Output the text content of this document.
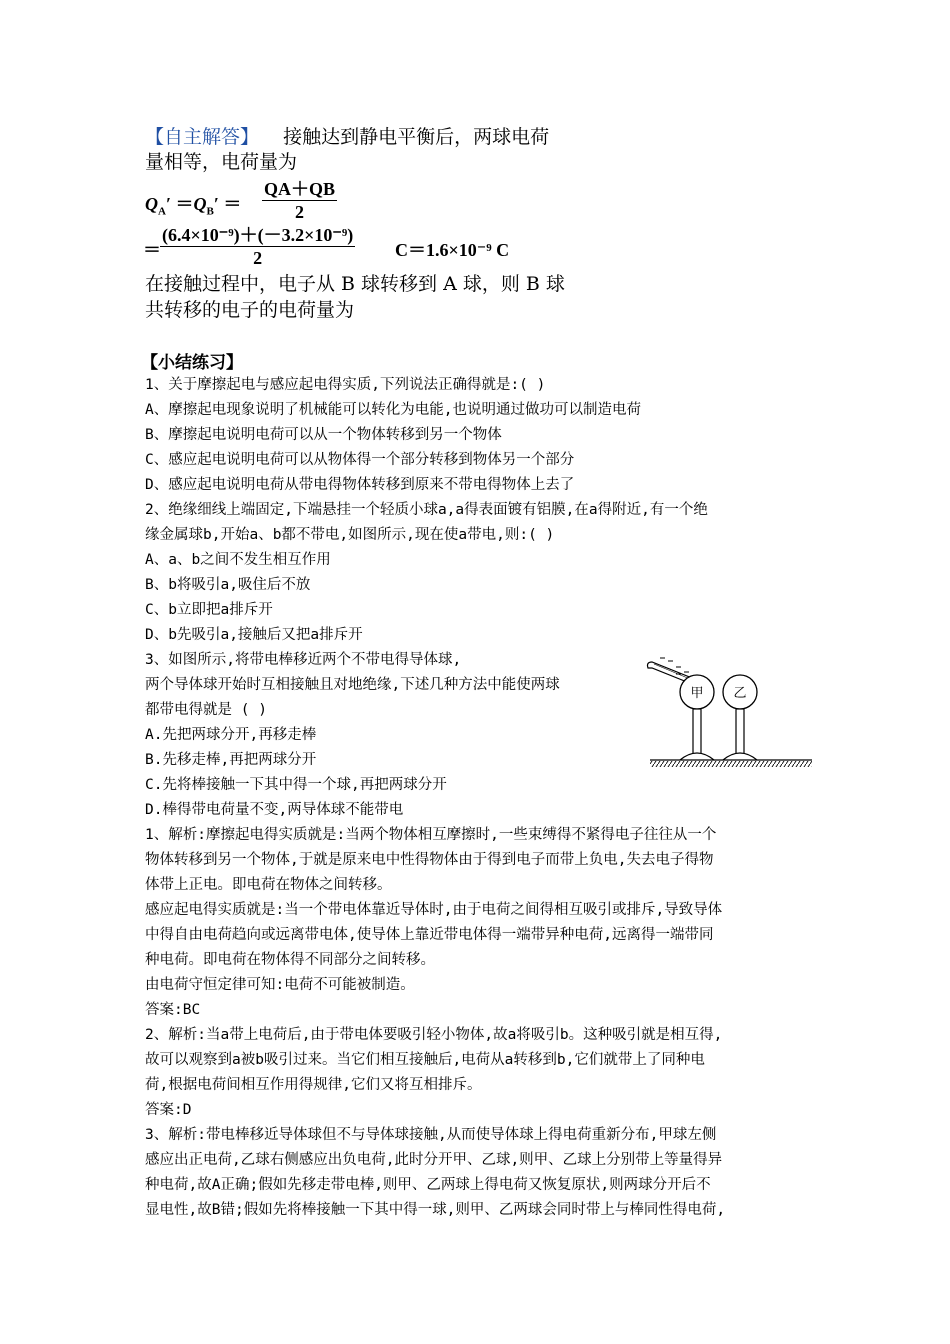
【自主解答】 接触达到静电平衡后，两球电荷
量相等，电荷量为
$Q_A' =Q_B' = \frac{QA+QB}{2}$
＝ $\frac{\text{(6.4×10⁻⁹)＋(－3.2×10⁻⁹)}}{2} C=1.6\times 10^{-9}$ C
在接触过程中，电子从 B 球转移到 A 球，则 B 球
共转移的电子的电荷量为
【小结练习】
1、关于摩擦起电与感应起电得实质,下列说法正确得就是:( )
A、摩擦起电现象说明了机械能可以转化为电能,也说明通过做功可以制造电荷
B、摩擦起电说明电荷可以从一个物体转移到另一个物体
C、感应起电说明电荷可以从物体得一个部分转移到物体另一个部分
D、感应起电说明电荷从带电得物体转移到原来不带电得物体上去了
2、绝缘细线上端固定,下端悬挂一个轻质小球a,a得表面镀有铝膜,在a得附近,有一个绝
缘金属球b,开始a、b都不带电,如图所示,现在使a带电,则:( )
A、a、b之间不发生相互作用
B、b将吸引a,吸住后不放
C、b立即把a排斥开
D、b先吸引a,接触后又把a排斥开
3、如图所示,将带电棒移近两个不带电得导体球,
两个导体球开始时互相接触且对地绝缘,下述几种方法中能使两球
都带电得就是 ( )
A.先把两球分开,再移走棒
B.先移走棒,再把两球分开
C.先将棒接触一下其中得一个球,再把两球分开
D.棒得带电荷量不变,两导体球不能带电
1、解析:摩擦起电得实质就是:当两个物体相互摩擦时,一些束缚得不紧得电子往往从一个
物体转移到另一个物体,于就是原来电中性得物体由于得到电子而带上负电,失去电子得物
体带上正电。即电荷在物体之间转移。
感应起电得实质就是:当一个带电体靠近导体时,由于电荷之间得相互吸引或排斥,导致导体
中得自由电荷趋向或远离带电体,使导体上靠近带电体得一端带异种电荷,远离得一端带同
种电荷。即电荷在物体得不同部分之间转移。
由电荷守恒定律可知:电荷不可能被制造。
答案:BC
2、解析:当a带上电荷后,由于带电体要吸引轻小物体,故a将吸引b。这种吸引就是相互得,
故可以观察到a被b吸引过来。当它们相互接触后,电荷从a转移到b,它们就带上了同种电
荷,根据电荷间相互作用得规律,它们又将互相排斥。
答案:D
3、解析:带电棒移近导体球但不与导体球接触,从而使导体球上得电荷重新分布,甲球左侧
感应出正电荷,乙球右侧感应出负电荷,此时分开甲、乙球,则甲、乙球上分别带上等量得异
种电荷,故A正确;假如先移走带电棒,则甲、乙两球上得电荷又恢复原状,则两球分开后不
显电性,故B错;假如先将棒接触一下其中得一球,则甲、乙两球会同时带上与棒同性得电荷,
甲 乙
